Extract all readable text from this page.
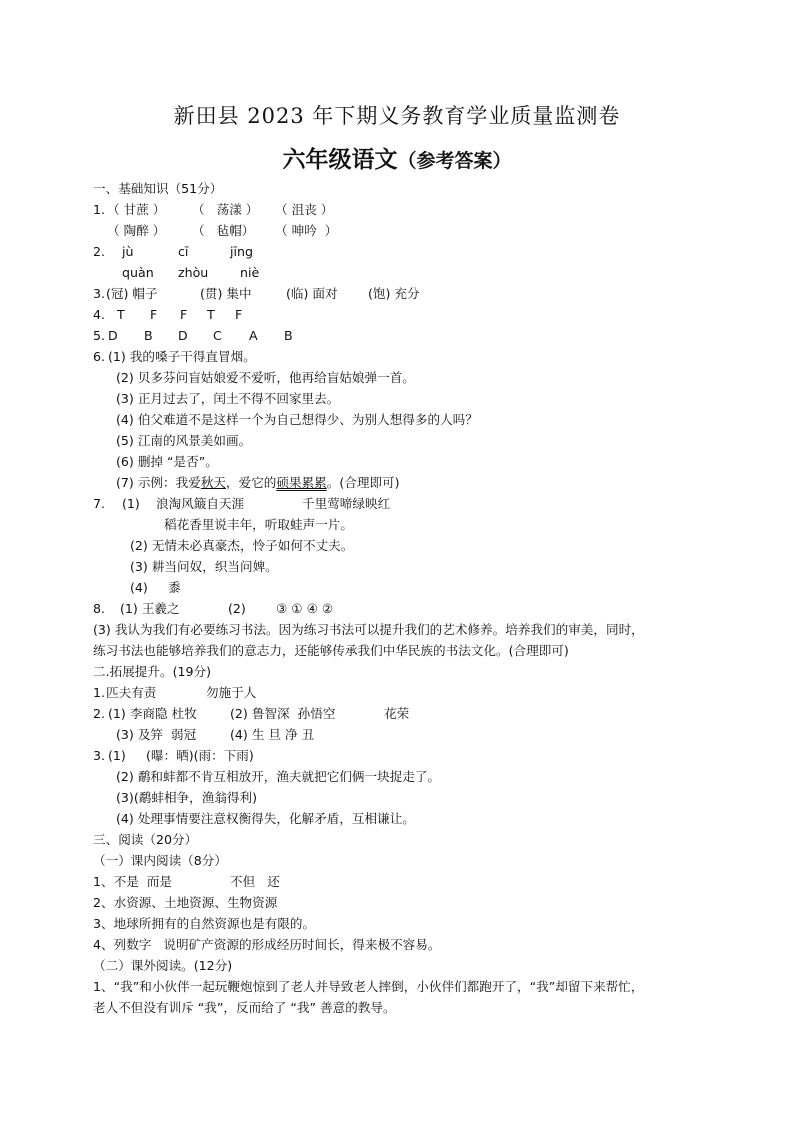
新田县 2023 年下期义务教育学业质量监测卷
六年级语文（参考答案）
一、基础知识（51分）
1. （ 甘蔗 ） （   荡漾 ） （ 沮丧 ）
（ 陶醉 ） （   毡帽） （ 呻吟  ）
2. jù	cī	jīng
quàn zhòu	niè
3. (冠) 帽子	(贯) 集中	(临) 面对 (饱) 充分
4. T F F T F
5. D B D C A B
6. (1) 我的嗓子干得直冒烟。
(2) 贝多芬问盲姑娘爱不爱听，他再给盲姑娘弹一首。
(3) 正月过去了，闰土不得不回家里去。
(4) 伯父难道不是这样一个为自己想得少、为别人想得多的人吗？
(5) 江南的风景美如画。
(6) 删掉 “是否”。
(7) 示例：我爱秋天，爱它的硕果累累。(合理即可)
7. (1) 浪淘风簸自天涯	千里莺啼绿映红
稻花香里说丰年，听取蛙声一片。
(2) 无情未必真豪杰，怜子如何不丈夫。
(3) 耕当问奴，织当问婢。
(4) 黍
8. (1) 王羲之	(2) ③ ① ④ ②
(3) 我认为我们有必要练习书法。因为练习书法可以提升我们的艺术修养。培养我们的审美，同时，
练习书法也能够培养我们的意志力，还能够传承我们中华民族的书法文化。(合理即可)
二.拓展提升。(19分)
1. 匹夫有责	勿施于人
2. (1) 李商隐 杜牧	(2) 鲁智深  孙悟空	花荣
(3) 及笄  弱冠	(4) 生 旦 净 丑
3. (1) (曝：晒)(雨：下雨)
(2) 鹬和蚌都不肯互相放开，渔夫就把它们俩一块捉走了。
(3)(鹬蚌相争，渔翁得利)
(4) 处理事情要注意权衡得失，化解矛盾，互相谦让。
三、阅读（20分）
（一）课内阅读（8分）
1、不是  而是	不但   还
2、水资源、土地资源、生物资源
3、地球所拥有的自然资源也是有限的。
4、列数字   说明矿产资源的形成经历时间长，得来极不容易。
（二）课外阅读。(12分)
1、“我”和小伙伴一起玩鞭炮惊到了老人并导致老人摔倒，小伙伴们都跑开了，“我”却留下来帮忙，
老人不但没有训斥 “我”，反而给了 “我” 善意的教导。
